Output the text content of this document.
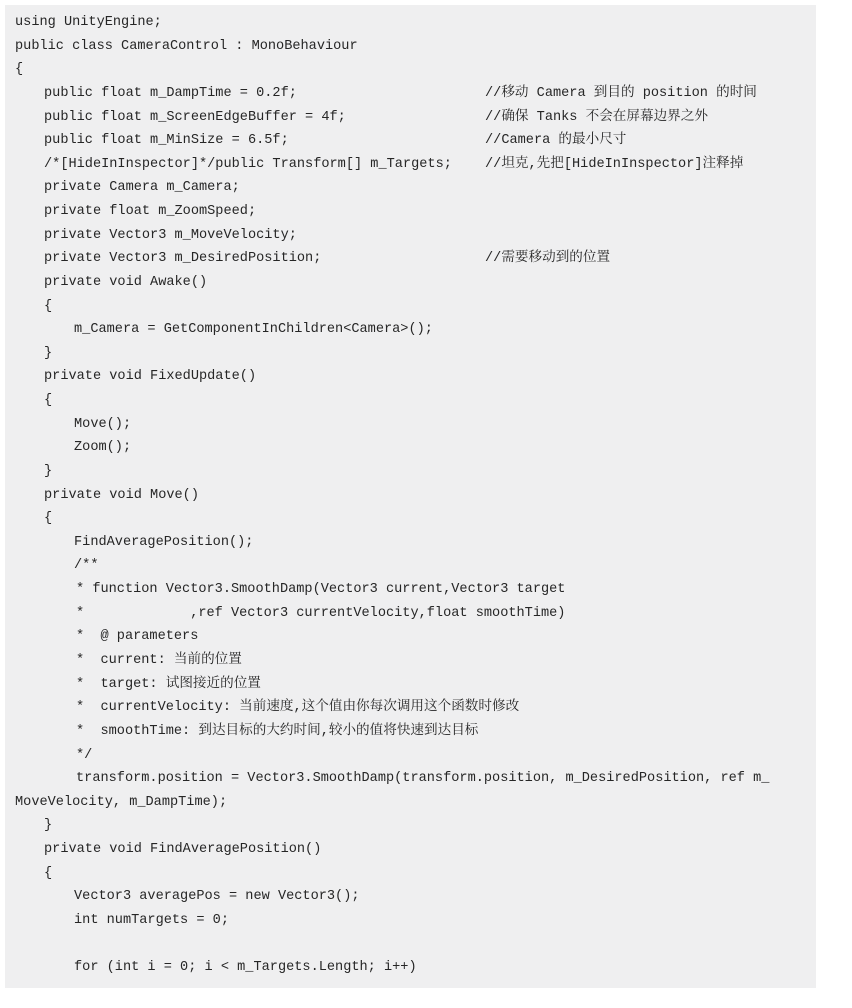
using UnityEngine;
public class CameraControl : MonoBehaviour
{
public float m_DampTime = 0.2f;	//移动 Camera 到目的 position 的时间
public float m_ScreenEdgeBuffer = 4f;	//确保 Tanks 不会在屏幕边界之外
public float m_MinSize = 6.5f;	//Camera 的最小尺寸
/*[HideInInspector]*/public Transform[] m_Targets; //坦克,先把[HideInInspector]注释掉
private Camera m_Camera;
private float m_ZoomSpeed;
private Vector3 m_MoveVelocity;
private Vector3 m_DesiredPosition;	//需要移动到的位置
private void Awake()
{
m_Camera = GetComponentInChildren<Camera>();
}
private void FixedUpdate()
{
Move();
Zoom();
}
private void Move()
{
FindAveragePosition();
/**
* function Vector3.SmoothDamp(Vector3 current,Vector3 target
*             ,ref Vector3 currentVelocity,float smoothTime)
*  @ parameters
*  current: 当前的位置
*  target: 试图接近的位置
*  currentVelocity: 当前速度,这个值由你每次调用这个函数时修改
*  smoothTime: 到达目标的大约时间,较小的值将快速到达目标
*/
transform.position = Vector3.SmoothDamp(transform.position, m_DesiredPosition, ref m_
MoveVelocity, m_DampTime);
}
private void FindAveragePosition()
{
Vector3 averagePos = new Vector3();
int numTargets = 0;
for (int i = 0; i < m_Targets.Length; i++)
